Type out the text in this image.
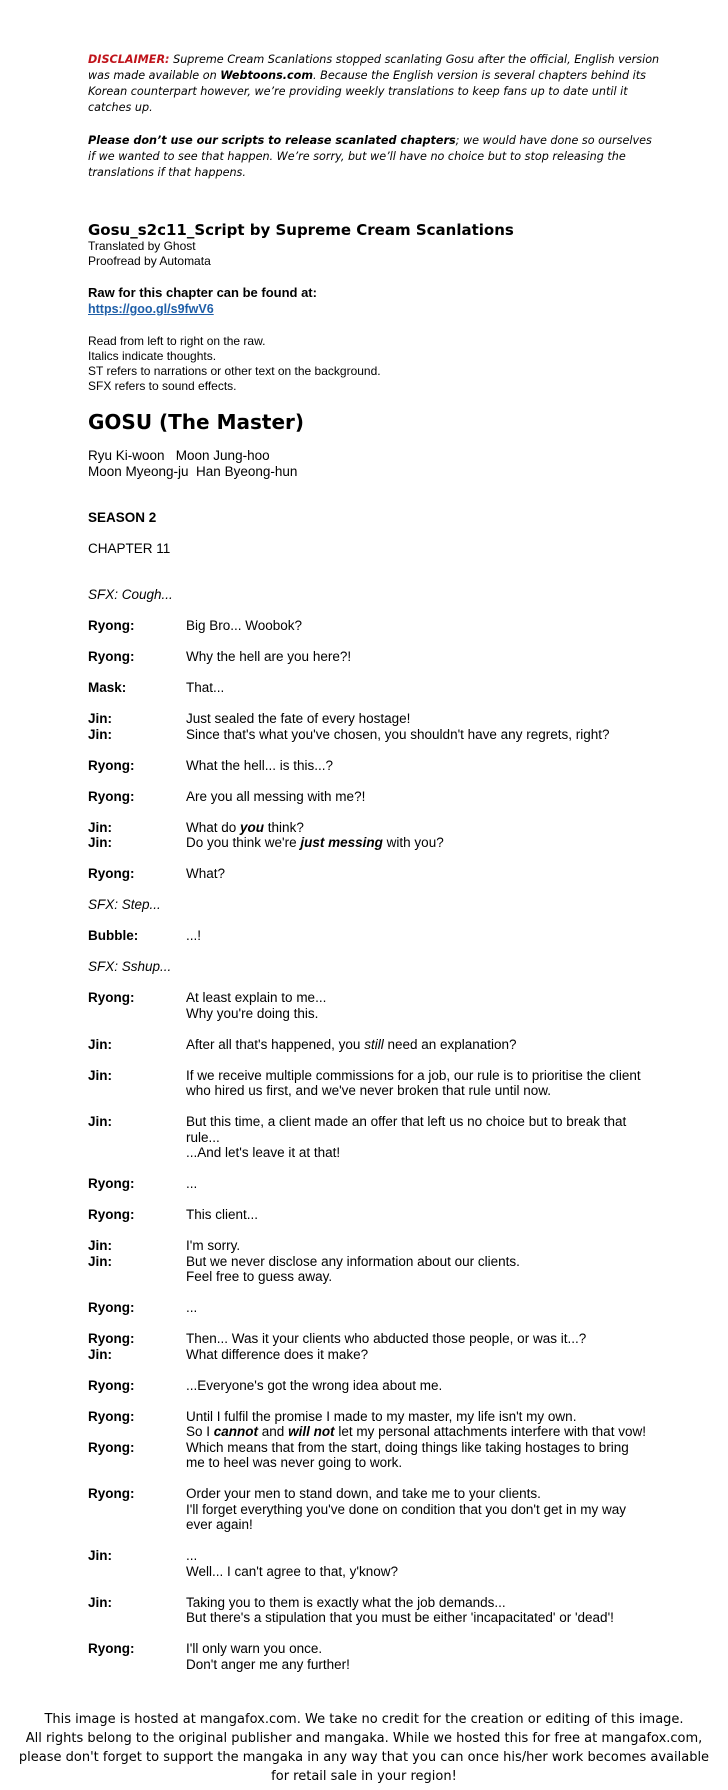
DISCLAIMER: Supreme Cream Scanlations stopped scanlating Gosu after the official, English version was made available on Webtoons.com. Because the English version is several chapters behind its Korean counterpart however, we’re providing weekly translations to keep fans up to date until it catches up.

Please don’t use our scripts to release scanlated chapters; we would have done so ourselves if we wanted to see that happen. We’re sorry, but we’ll have no choice but to stop releasing the translations if that happens.

Gosu_s2c11_Script by Supreme Cream Scanlations
Translated by Ghost
Proofread by Automata
Raw for this chapter can be found at:
https://goo.gl/s9fwV6
Read from left to right on the raw.
Italics indicate thoughts.
ST refers to narrations or other text on the background.
SFX refers to sound effects.
GOSU (The Master)
Ryu Ki-woon   Moon Jung-hoo
Moon Myeong-ju  Han Byeong-hun
SEASON 2
CHAPTER 11
SFX: Cough...
Ryong:	Big Bro... Woobok?
Ryong:	Why the hell are you here?!
Mask:	That...
Jin:	Just sealed the fate of every hostage!
Jin:	Since that's what you've chosen, you shouldn't have any regrets, right?
Ryong:	What the hell... is this...?
Ryong:	Are you all messing with me?!
Jin:	What do you think?
Jin:	Do you think we're just messing with you?
Ryong:	What?
SFX: Step...
Bubble:	...!
SFX: Sshup...
Ryong:	At least explain to me...
Why you're doing this.
Jin:	After all that's happened, you still need an explanation?
Jin:	If we receive multiple commissions for a job, our rule is to prioritise the client who hired us first, and we've never broken that rule until now.
Jin:	But this time, a client made an offer that left us no choice but to break that rule...
...And let's leave it at that!
Ryong:	...
Ryong:	This client...
Jin:	I'm sorry.
Jin:	But we never disclose any information about our clients.
Feel free to guess away.
Ryong:	...
Ryong:	Then... Was it your clients who abducted those people, or was it...?
Jin:	What difference does it make?
Ryong:	...Everyone's got the wrong idea about me.
Ryong:	Until I fulfil the promise I made to my master, my life isn't my own.
So I cannot and will not let my personal attachments interfere with that vow!
Ryong:	Which means that from the start, doing things like taking hostages to bring me to heel was never going to work.
Ryong:	Order your men to stand down, and take me to your clients.
I'll forget everything you've done on condition that you don't get in my way ever again!
Jin:	...
Well... I can't agree to that, y'know?
Jin:	Taking you to them is exactly what the job demands...
But there's a stipulation that you must be either 'incapacitated' or 'dead'!
Ryong:	I'll only warn you once.
Don't anger me any further!
This image is hosted at mangafox.com. We take no credit for the creation or editing of this image.
All rights belong to the original publisher and mangaka. While we hosted this for free at mangafox.com,
please don't forget to support the mangaka in any way that you can once his/her work becomes available
for retail sale in your region!
